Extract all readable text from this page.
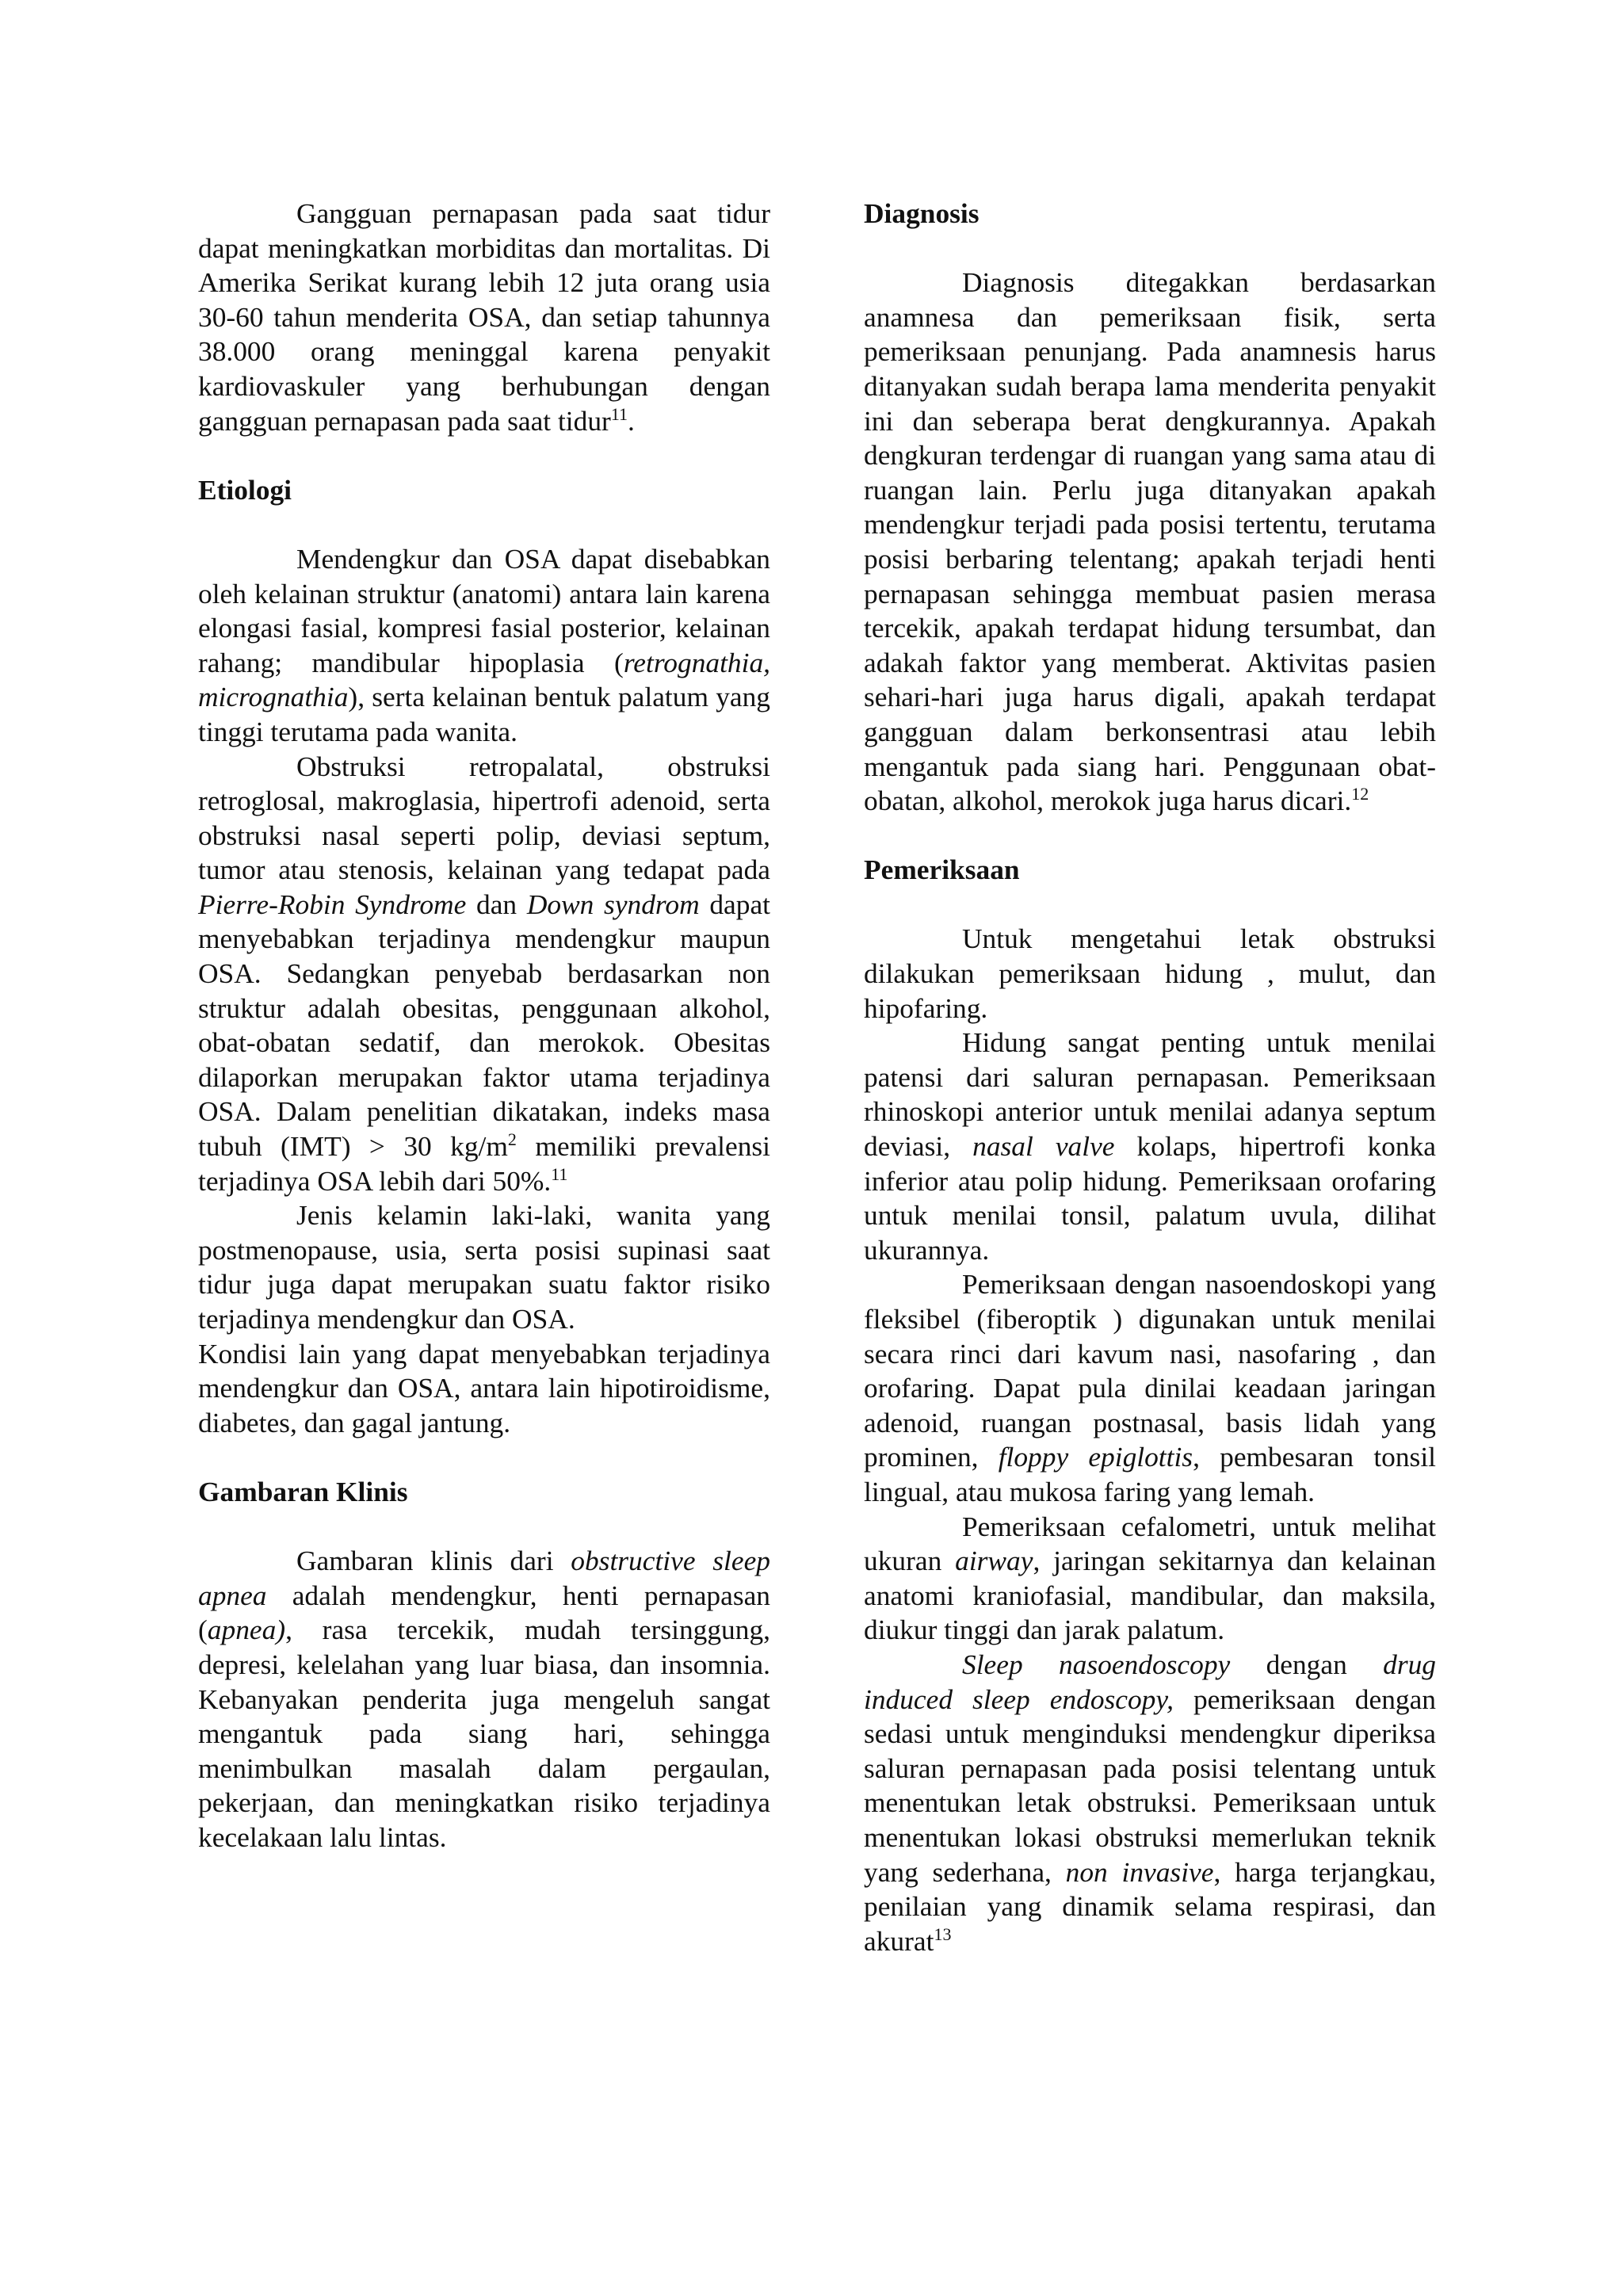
Gangguan pernapasan pada saat tidur dapat meningkatkan morbiditas dan mortalitas. Di Amerika Serikat kurang lebih 12 juta orang usia 30-60 tahun menderita OSA, dan setiap tahunnya 38.000 orang meninggal karena penyakit kardiovaskuler yang berhubungan dengan gangguan pernapasan pada saat tidur$^{11}$.

Etiologi

Mendengkur dan OSA dapat disebabkan oleh kelainan struktur (anatomi) antara lain karena elongasi fasial, kompresi fasial posterior, kelainan rahang; mandibular hipoplasia (retrognathia, micrognathia), serta kelainan bentuk palatum yang tinggi terutama pada wanita.

Obstruksi retropalatal, obstruksi retroglosal, makroglasia, hipertrofi adenoid, serta obstruksi nasal seperti polip, deviasi septum, tumor atau stenosis, kelainan yang tedapat pada Pierre-Robin Syndrome dan Down syndrom dapat menyebabkan terjadinya mendengkur maupun OSA. Sedangkan penyebab berdasarkan non struktur adalah obesitas, penggunaan alkohol, obat-obatan sedatif, dan merokok. Obesitas dilaporkan merupakan faktor utama terjadinya OSA. Dalam penelitian dikatakan, indeks masa tubuh (IMT) > 30 $kg/m^2$ memiliki prevalensi terjadinya OSA lebih dari 50%.$^{11}$

Jenis kelamin laki-laki, wanita yang postmenopause, usia, serta posisi supinasi saat tidur juga dapat merupakan suatu faktor risiko terjadinya mendengkur dan OSA.

Kondisi lain yang dapat menyebabkan terjadinya mendengkur dan OSA, antara lain hipotiroidisme, diabetes, dan gagal jantung.

Gambaran Klinis

Gambaran klinis dari obstructive sleep apnea adalah mendengkur, henti pernapasan (apnea), rasa tercekik, mudah tersinggung, depresi, kelelahan yang luar biasa, dan insomnia. Kebanyakan penderita juga mengeluh sangat mengantuk pada siang hari, sehingga menimbulkan masalah dalam pergaulan, pekerjaan, dan meningkatkan risiko terjadinya kecelakaan lalu lintas.

Diagnosis

Diagnosis ditegakkan berdasarkan anamnesa dan pemeriksaan fisik, serta pemeriksaan penunjang. Pada anamnesis harus ditanyakan sudah berapa lama menderita penyakit ini dan seberapa berat dengkurannya. Apakah dengkuran terdengar di ruangan yang sama atau di ruangan lain. Perlu juga ditanyakan apakah mendengkur terjadi pada posisi tertentu, terutama posisi berbaring telentang; apakah terjadi henti pernapasan sehingga membuat pasien merasa tercekik, apakah terdapat hidung tersumbat, dan adakah faktor yang memberat. Aktivitas pasien sehari-hari juga harus digali, apakah terdapat gangguan dalam berkonsentrasi atau lebih mengantuk pada siang hari. Penggunaan obat-obatan, alkohol, merokok juga harus dicari.$^{12}$

Pemeriksaan

Untuk mengetahui letak obstruksi dilakukan pemeriksaan hidung , mulut, dan hipofaring.

Hidung sangat penting untuk menilai patensi dari saluran pernapasan. Pemeriksaan rhinoskopi anterior untuk menilai adanya septum deviasi, nasal valve kolaps, hipertrofi konka inferior atau polip hidung. Pemeriksaan orofaring untuk menilai tonsil, palatum uvula, dilihat ukurannya.

Pemeriksaan dengan nasoendoskopi yang fleksibel (fiberoptik ) digunakan untuk menilai secara rinci dari kavum nasi, nasofaring , dan orofaring. Dapat pula dinilai keadaan jaringan adenoid, ruangan postnasal, basis lidah yang prominen, floppy epiglottis, pembesaran tonsil lingual, atau mukosa faring yang lemah.

Pemeriksaan cefalometri, untuk melihat ukuran airway, jaringan sekitarnya dan kelainan anatomi kraniofasial, mandibular, dan maksila, diukur tinggi dan jarak palatum.

Sleep nasoendoscopy dengan drug induced sleep endoscopy, pemeriksaan dengan sedasi untuk menginduksi mendengkur diperiksa saluran pernapasan pada posisi telentang untuk menentukan letak obstruksi. Pemeriksaan untuk menentukan lokasi obstruksi memerlukan teknik yang sederhana, non invasive, harga terjangkau, penilaian yang dinamik selama respirasi, dan akurat$^{13}$
